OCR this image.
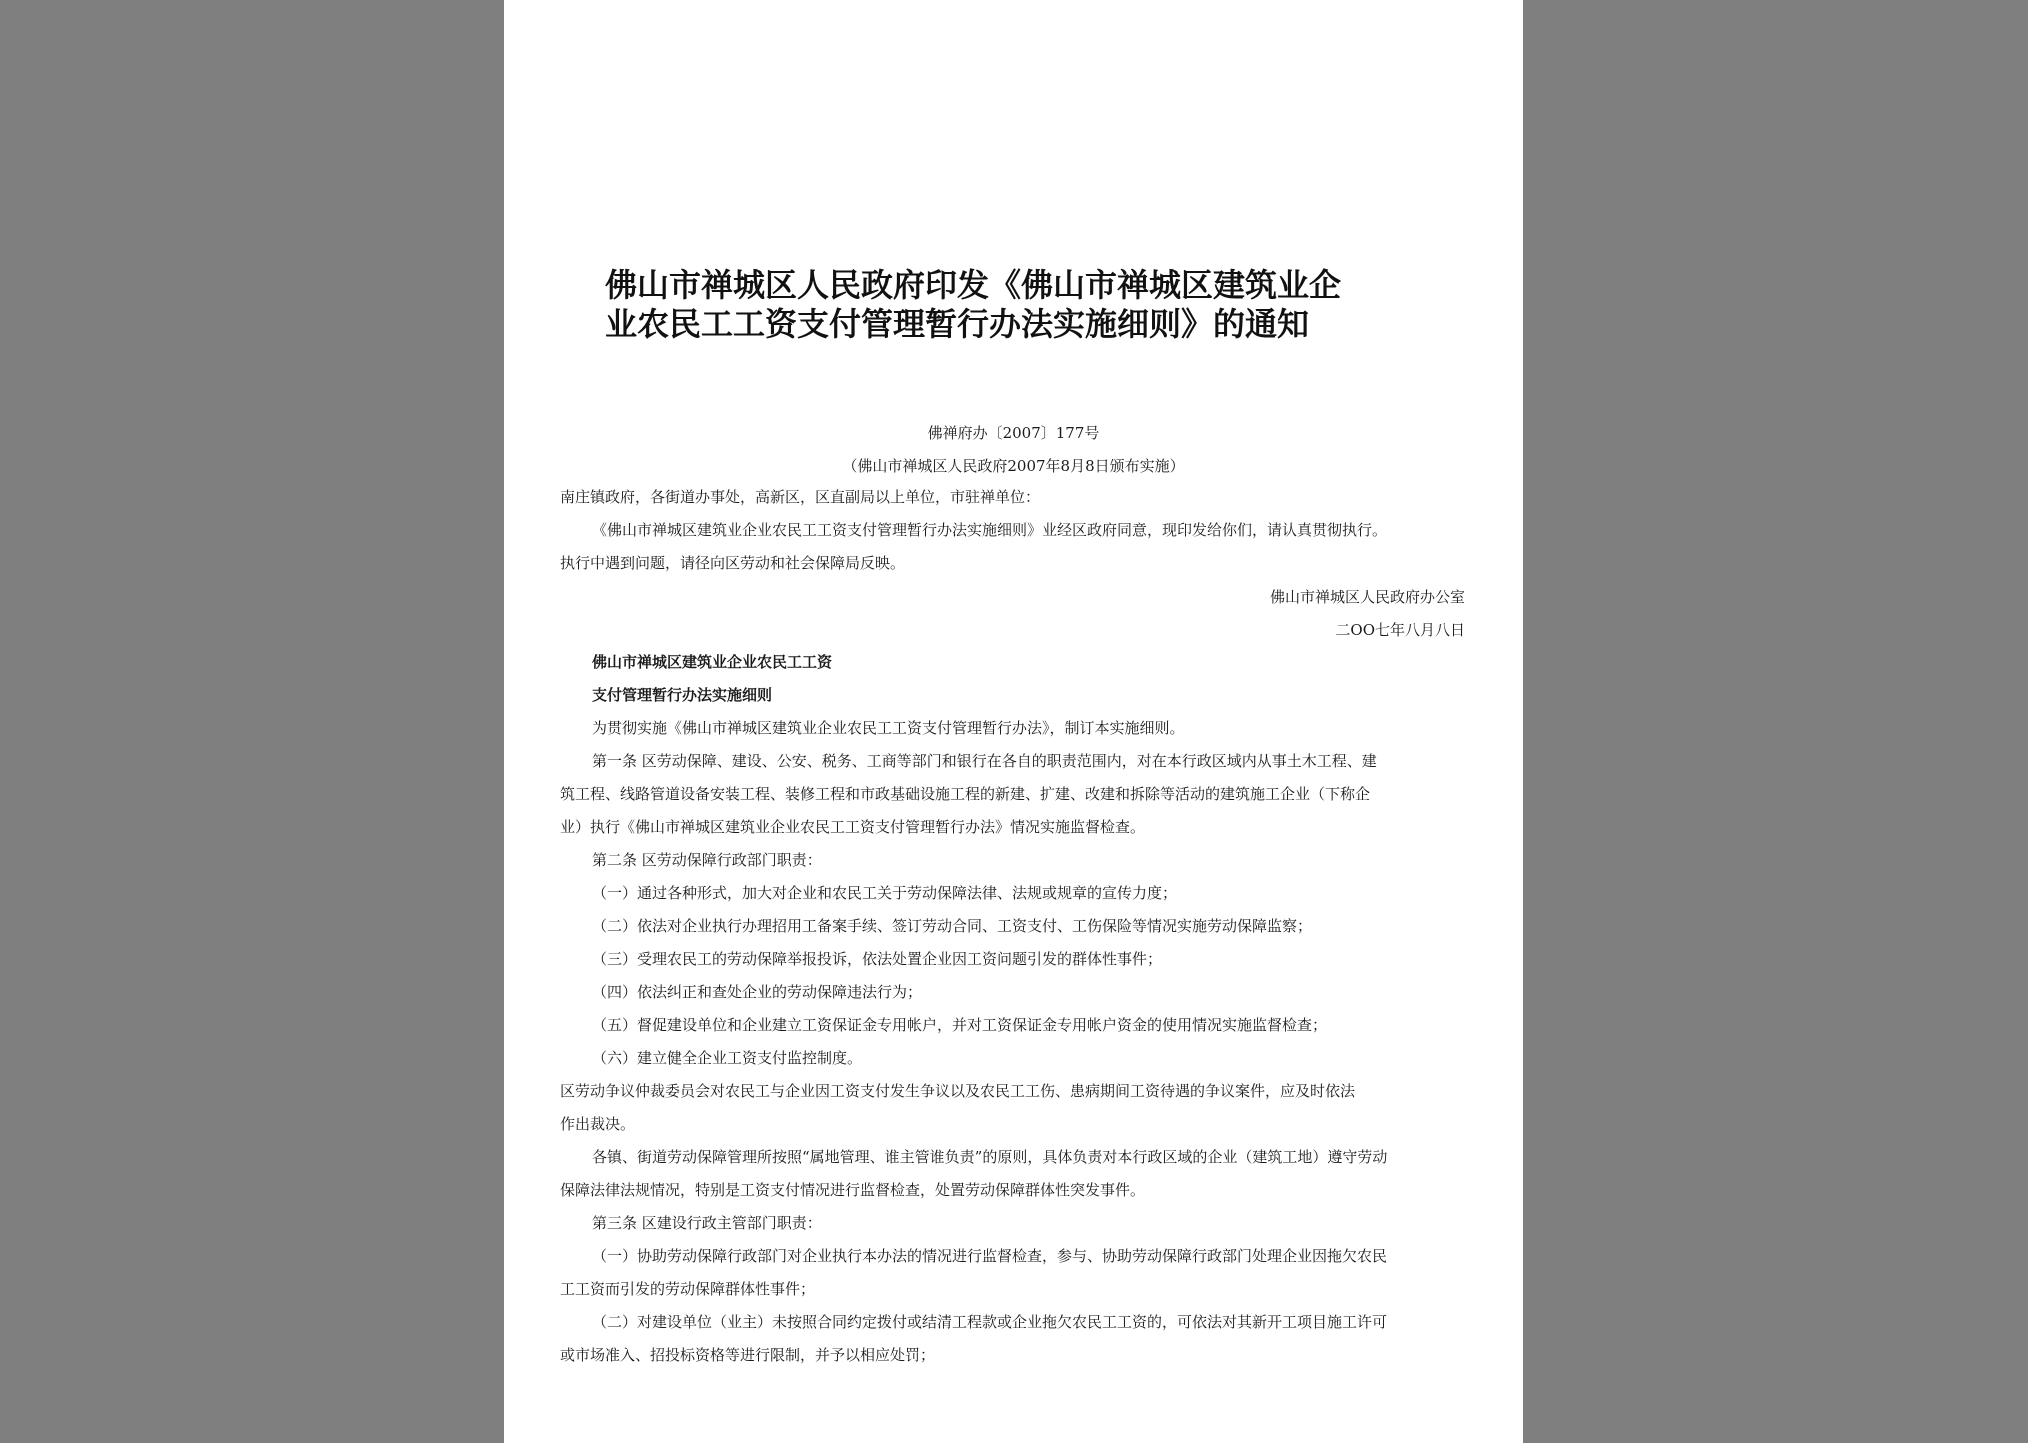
佛山市禅城区人民政府印发《佛山市禅城区建筑业企
业农民工工资支付管理暂行办法实施细则》的通知
佛禅府办〔2007〕177号
（佛山市禅城区人民政府2007年8月8日颁布实施）
南庄镇政府，各街道办事处，高新区，区直副局以上单位，市驻禅单位：
《佛山市禅城区建筑业企业农民工工资支付管理暂行办法实施细则》业经区政府同意，现印发给你们，请认真贯彻执行。
执行中遇到问题，请径向区劳动和社会保障局反映。
佛山市禅城区人民政府办公室
二OO七年八月八日
佛山市禅城区建筑业企业农民工工资
支付管理暂行办法实施细则
为贯彻实施《佛山市禅城区建筑业企业农民工工资支付管理暂行办法》，制订本实施细则。
第一条 区劳动保障、建设、公安、税务、工商等部门和银行在各自的职责范围内，对在本行政区域内从事土木工程、建
筑工程、线路管道设备安装工程、装修工程和市政基础设施工程的新建、扩建、改建和拆除等活动的建筑施工企业（下称企
业）执行《佛山市禅城区建筑业企业农民工工资支付管理暂行办法》情况实施监督检查。
第二条 区劳动保障行政部门职责：
（一）通过各种形式，加大对企业和农民工关于劳动保障法律、法规或规章的宣传力度；
（二）依法对企业执行办理招用工备案手续、签订劳动合同、工资支付、工伤保险等情况实施劳动保障监察；
（三）受理农民工的劳动保障举报投诉，依法处置企业因工资问题引发的群体性事件；
（四）依法纠正和查处企业的劳动保障违法行为；
（五）督促建设单位和企业建立工资保证金专用帐户，并对工资保证金专用帐户资金的使用情况实施监督检查；
（六）建立健全企业工资支付监控制度。
区劳动争议仲裁委员会对农民工与企业因工资支付发生争议以及农民工工伤、患病期间工资待遇的争议案件，应及时依法
作出裁决。
各镇、街道劳动保障管理所按照“属地管理、谁主管谁负责”的原则，具体负责对本行政区域的企业（建筑工地）遵守劳动
保障法律法规情况，特别是工资支付情况进行监督检查，处置劳动保障群体性突发事件。
第三条 区建设行政主管部门职责：
（一）协助劳动保障行政部门对企业执行本办法的情况进行监督检查，参与、协助劳动保障行政部门处理企业因拖欠农民
工工资而引发的劳动保障群体性事件；
（二）对建设单位（业主）未按照合同约定拨付或结清工程款或企业拖欠农民工工资的，可依法对其新开工项目施工许可
或市场准入、招投标资格等进行限制，并予以相应处罚；
